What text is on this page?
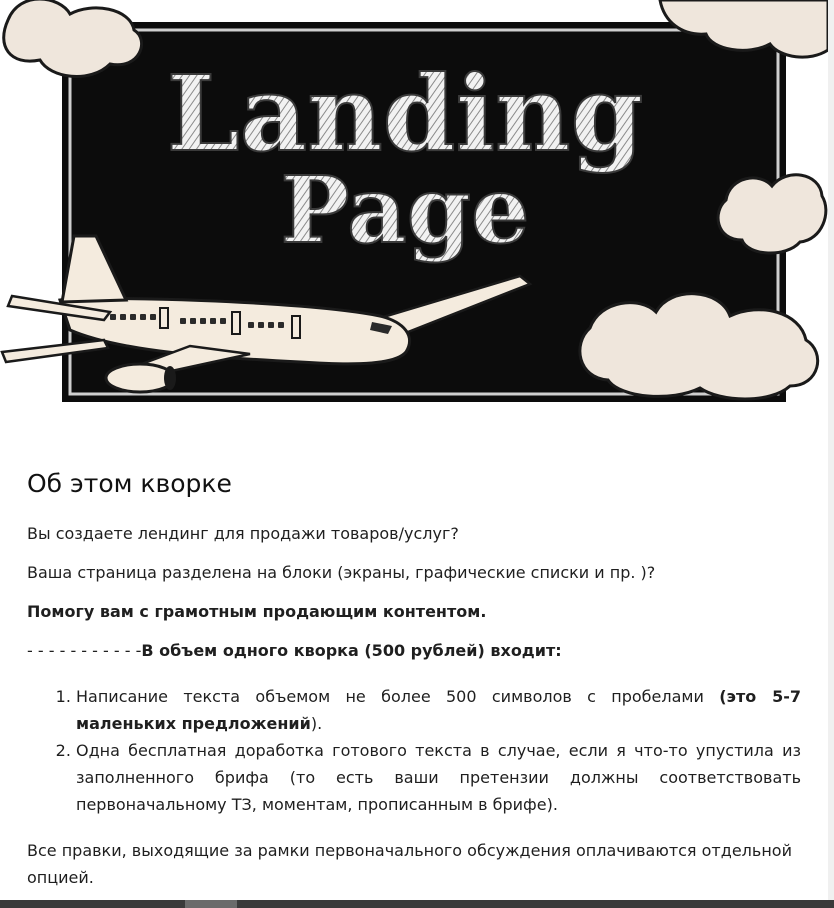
Landing
Page
Об этом кворке

Вы создаете лендинг для продажи товаров/услуг?

Ваша страница разделена на блоки (экраны, графические списки и пр. )?

Помогу вам с грамотным продающим контентом.

- - - - - - - - - - -В объем одного кворка (500 рублей) входит:

1. Написание текста объемом не более 500 символов с пробелами (это 5-7 маленьких предложений).
2. Одна бесплатная доработка готового текста в случае, если я что-то упустила из заполненного брифа (то есть ваши претензии должны соответствовать первоначальному ТЗ, моментам, прописанным в брифе).

Все правки, выходящие за рамки первоначального обсуждения оплачиваются отдельной опцией.
